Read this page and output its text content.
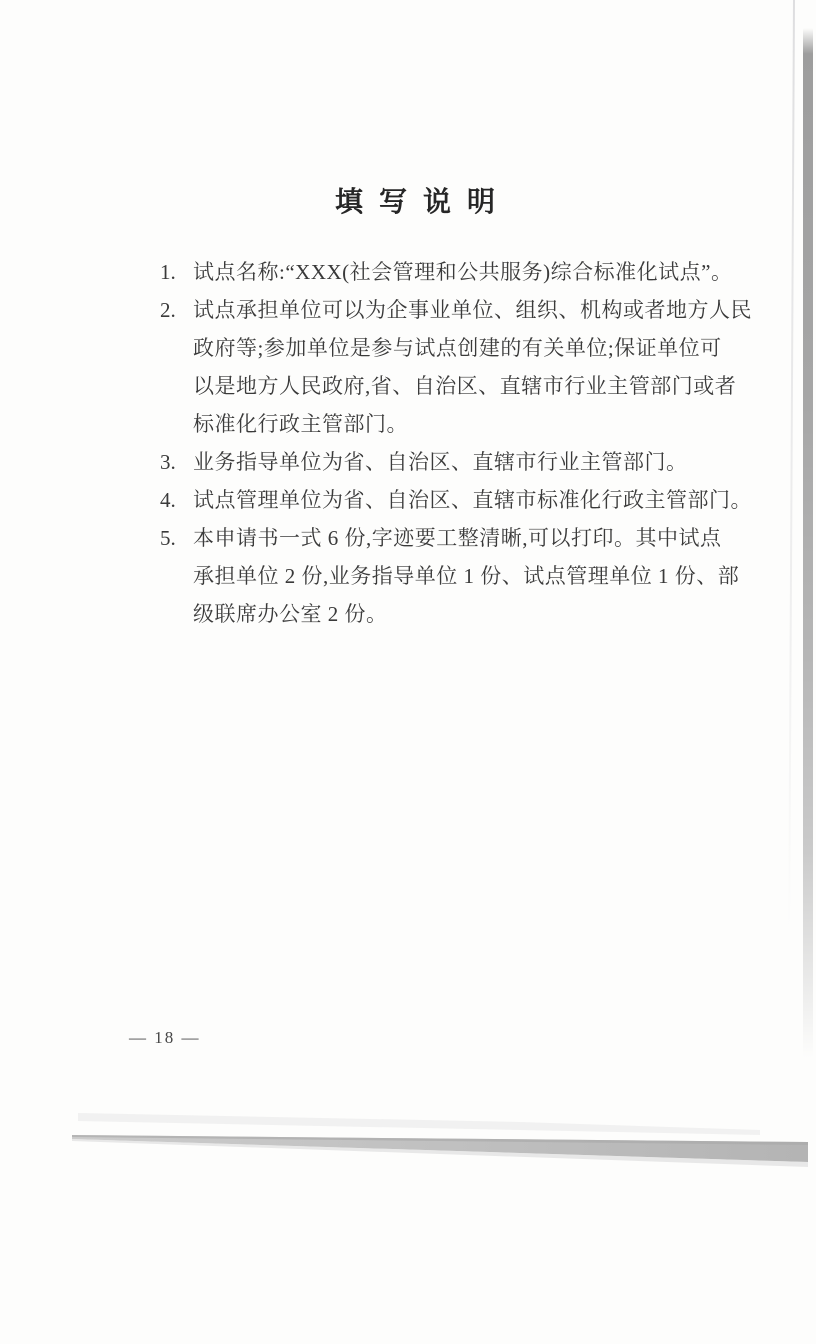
填写说明
1. 试点名称:“XXX(社会管理和公共服务)综合标准化试点”。
2. 试点承担单位可以为企事业单位、组织、机构或者地方人民
政府等;参加单位是参与试点创建的有关单位;保证单位可
以是地方人民政府,省、自治区、直辖市行业主管部门或者
标准化行政主管部门。
3. 业务指导单位为省、自治区、直辖市行业主管部门。
4. 试点管理单位为省、自治区、直辖市标准化行政主管部门。
5. 本申请书一式 6 份,字迹要工整清晰,可以打印。其中试点
承担单位 2 份,业务指导单位 1 份、试点管理单位 1 份、部
级联席办公室 2 份。
— 18 —
